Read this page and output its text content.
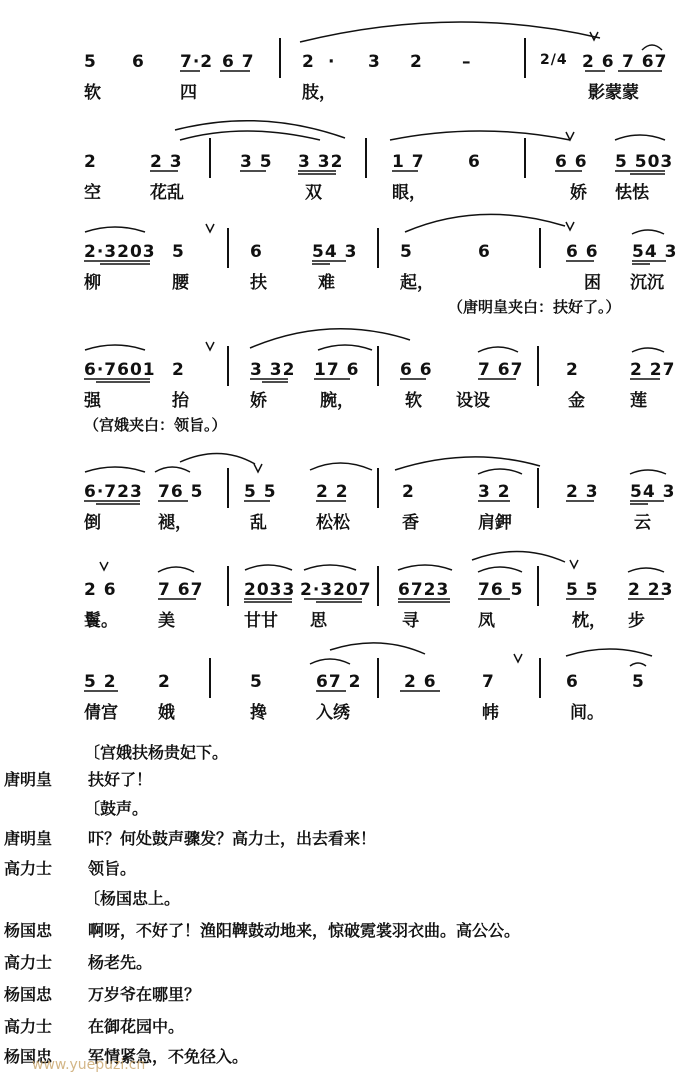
5 6 7·2 6 7	2 · 3 2 –	2/4 2 6 7 67
软	四	肢，	影蒙蒙
2	2 3	3 5 3 32	1 7	6	6 6 5 503
空	花乱	双	眼，	娇 怯怯
2·3203 5	6	54 3	5	6	6 6 54 3
柳	腰	扶	难	起，	困 沉沉
（唐明皇夹白：扶好了。）
6·7601 2	3 32 17 6 6 6	7 67	2	2 27
强	抬	娇	腕，	软 设设	金	莲
（宫娥夹白：领旨。）
6·723 76 5 5 5 2 2	2	3 2	2 3 54 3
倒	褪，	乱	松松	香	肩鉀	云
2 6 7 67 2033 2·3207 6723 76 5	5 5 2 23
鬟。 美	甘甘 思	寻	凤	枕， 步
5 2 2	5	67 2	2 6	7	6	5
倩宫 娥	搀	入绣	帏	间。
〔宫娥扶杨贵妃下。
唐明皇	扶好了！
〔鼓声。
唐明皇	吓？何处鼓声骤发？高力士，出去看来！
高力士	领旨。
〔杨国忠上。
杨国忠	啊呀，不好了！渔阳鞞鼓动地来，惊破霓裳羽衣曲。高公公。
高力士	杨老先。
杨国忠	万岁爷在哪里？
高力士	在御花园中。
杨国忠	军情紧急，不免径入。
www.yuepuzi.cn
